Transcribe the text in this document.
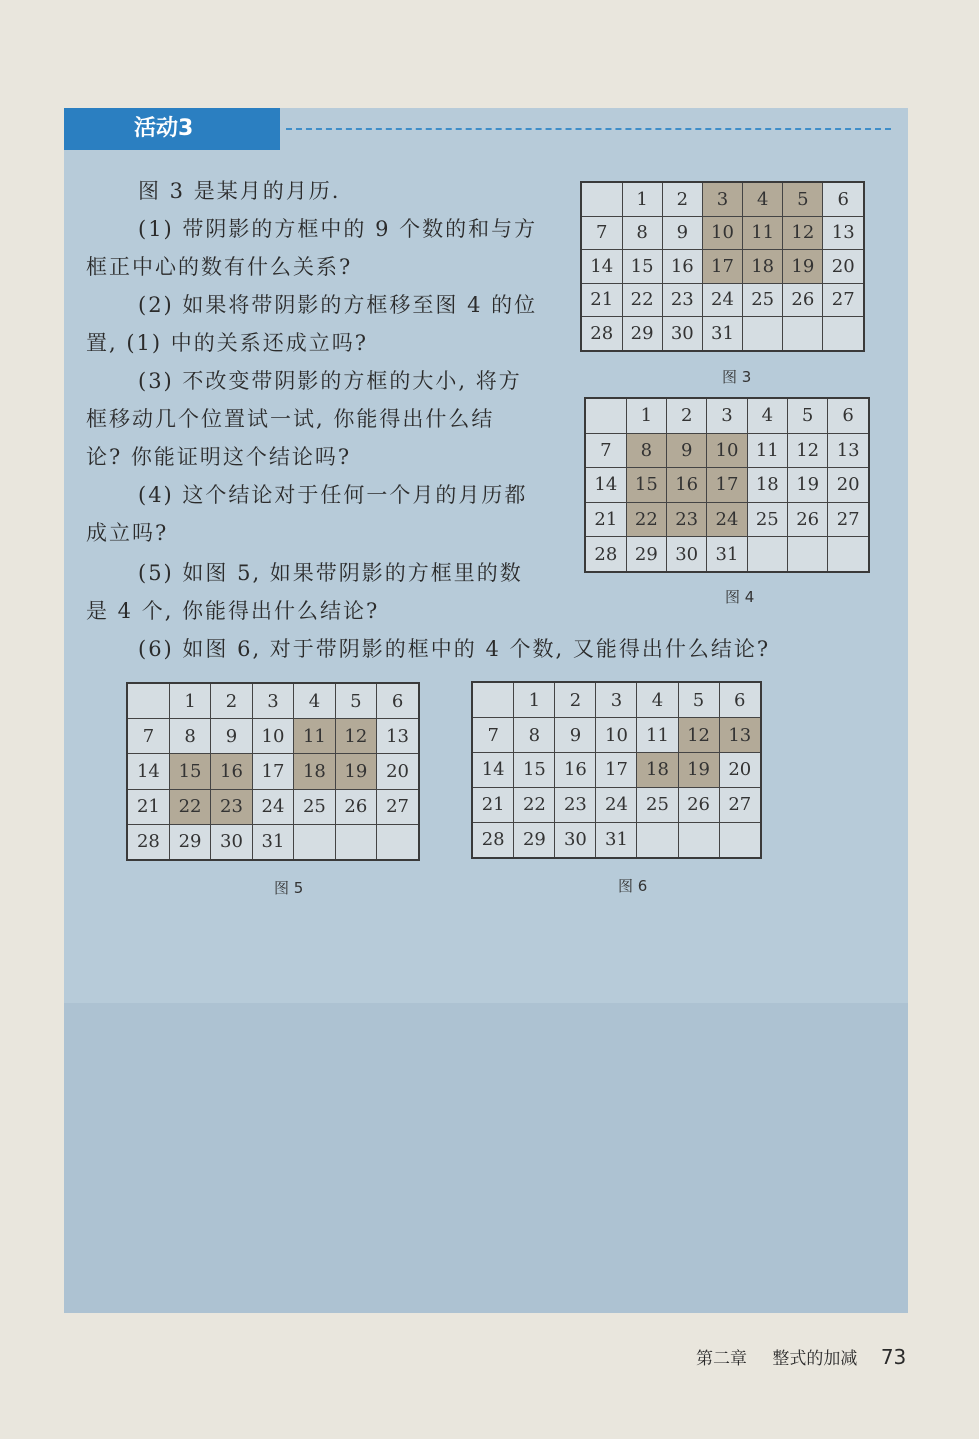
活动3

图 3 是某月的月历.

(1) 带阴影的方框中的 9 个数的和与方

框正中心的数有什么关系?

(2) 如果将带阴影的方框移至图 4 的位

置, (1) 中的关系还成立吗?

(3) 不改变带阴影的方框的大小, 将方

框移动几个位置试一试, 你能得出什么结

论? 你能证明这个结论吗?

(4) 这个结论对于任何一个月的月历都

成立吗?

(5) 如图 5, 如果带阴影的方框里的数

是 4 个, 你能得出什么结论?

(6) 如图 6, 对于带阴影的框中的 4 个数, 又能得出什么结论?

	1	2	3	4	5	6
7	8	9	10	11	12	13
14	15	16	17	18	19	20
21	22	23	24	25	26	27
28	29	30	31			
图 3
	1	2	3	4	5	6
7	8	9	10	11	12	13
14	15	16	17	18	19	20
21	22	23	24	25	26	27
28	29	30	31			
图 4
	1	2	3	4	5	6
7	8	9	10	11	12	13
14	15	16	17	18	19	20
21	22	23	24	25	26	27
28	29	30	31			
图 5
	1	2	3	4	5	6
7	8	9	10	11	12	13
14	15	16	17	18	19	20
21	22	23	24	25	26	27
28	29	30	31			
图 6
第二章 整式的加减 73
